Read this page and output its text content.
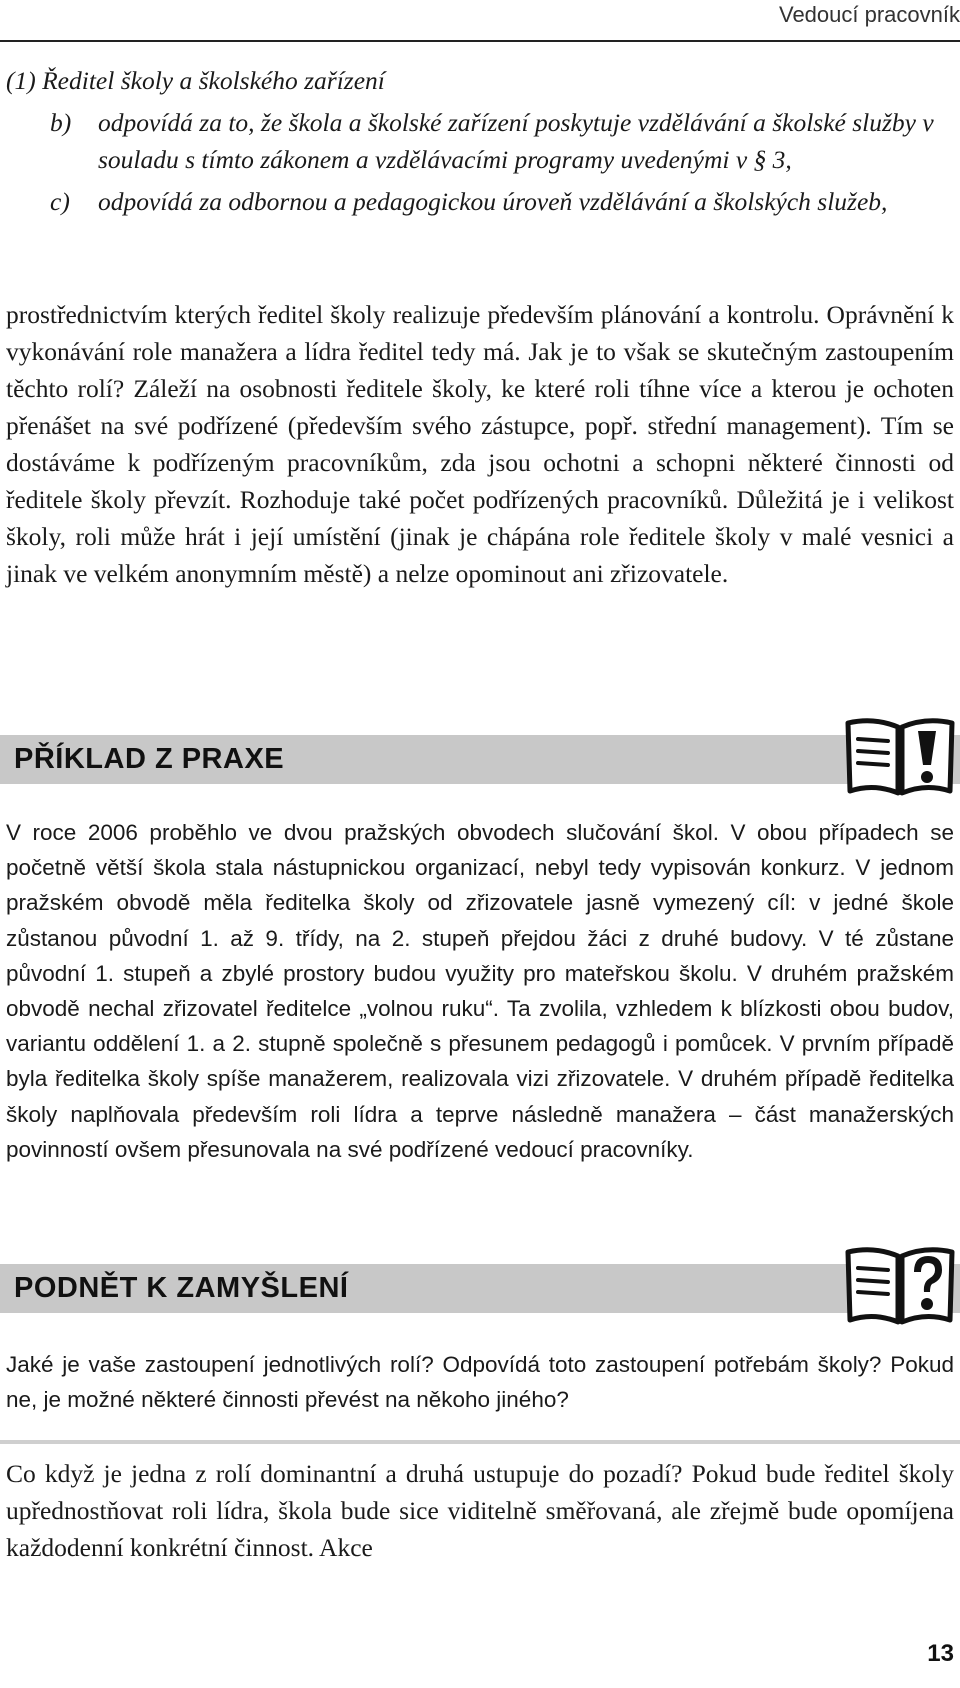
Vedoucí pracovník

(1) Ředitel školy a školského zařízení

b)	odpovídá za to, že škola a školské zařízení poskytuje vzdělávání a školské služby v souladu s tímto zákonem a vzdělávacími programy uvedenými v § 3,
c)	odpovídá za odbornou a pedagogickou úroveň vzdělávání a školských služeb,

prostřednictvím kterých ředitel školy realizuje především plánování a kontrolu. Oprávnění k vykonávání role manažera a lídra ředitel tedy má. Jak je to však se skutečným zastoupením těchto rolí? Záleží na osobnosti ředitele školy, ke které roli tíhne více a kterou je ochoten přenášet na své podřízené (především svého zástupce, popř. střední management). Tím se dostáváme k podřízeným pracovníkům, zda jsou ochotni a schopni některé činnosti od ředitele školy převzít. Rozhoduje také počet podřízených pracovníků. Důležitá je i velikost školy, roli může hrát i její umístění (jinak je chápána role ředitele školy v malé vesnici a jinak ve velkém anonymním městě) a nelze opominout ani zřizovatele.

PŘÍKLAD Z PRAXE

V roce 2006 proběhlo ve dvou pražských obvodech slučování škol. V obou případech se početně větší škola stala nástupnickou organizací, nebyl tedy vypisován konkurz. V jednom pražském obvodě měla ředitelka školy od zřizovatele jasně vymezený cíl: v jedné škole zůstanou původní 1. až 9. třídy, na 2. stupeň přejdou žáci z druhé budovy. V té zůstane původní 1. stupeň a zbylé prostory budou využity pro mateřskou školu. V druhém pražském obvodě nechal zřizovatel ředitelce „volnou ruku“. Ta zvolila, vzhledem k blízkosti obou budov, variantu oddělení 1. a 2. stupně společně s přesunem pedagogů i pomůcek. V prvním případě byla ředitelka školy spíše manažerem, realizovala vizi zřizovatele. V druhém případě ředitelka školy naplňovala především roli lídra a teprve následně manažera – část manažerských povinností ovšem přesunovala na své podřízené vedoucí pracovníky.

PODNĚT K ZAMYŠLENÍ

Jaké je vaše zastoupení jednotlivých rolí? Odpovídá toto zastoupení potřebám školy? Pokud ne, je možné některé činnosti převést na někoho jiného?

Co když je jedna z rolí dominantní a druhá ustupuje do pozadí? Pokud bude ředitel školy upřednostňovat roli lídra, škola bude sice viditelně směřovaná, ale zřejmě bude opomíjena každodenní konkrétní činnost. Akce

13
